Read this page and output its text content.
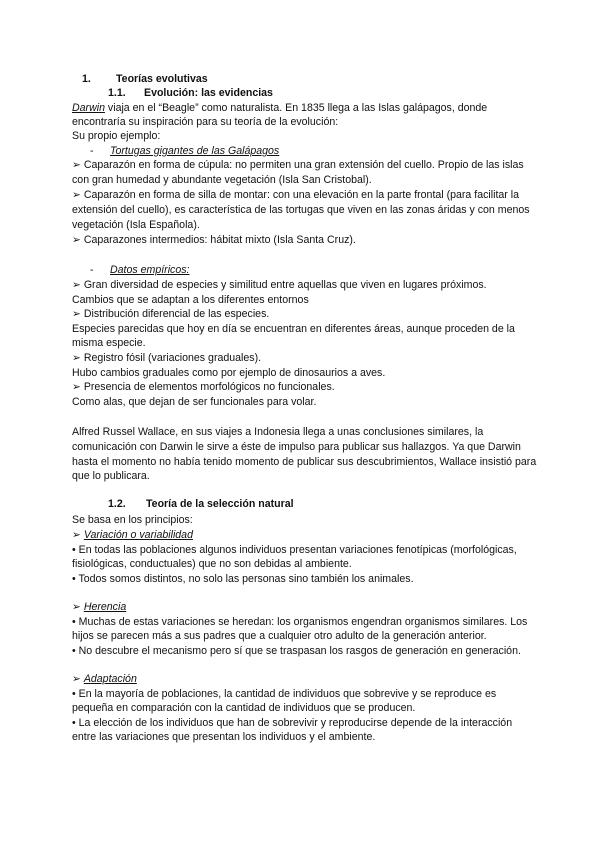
1. Teorías evolutivas
1.1. Evolución: las evidencias
Darwin viaja en el “Beagle” como naturalista. En 1835 llega a las Islas galápagos, donde
encontraría su inspiración para su teoría de la evolución:
Su propio ejemplo:
- Tortugas gigantes de las Galápagos
➢ Caparazón en forma de cúpula: no permiten una gran extensión del cuello. Propio de las islas
con gran humedad y abundante vegetación (Isla San Cristobal).
➢ Caparazón en forma de silla de montar: con una elevación en la parte frontal (para facilitar la
extensión del cuello), es característica de las tortugas que viven en las zonas áridas y con menos
vegetación (Isla Española).
➢ Caparazones intermedios: hábitat mixto (Isla Santa Cruz).
- Datos empíricos:
➢ Gran diversidad de especies y similitud entre aquellas que viven en lugares próximos.
Cambios que se adaptan a los diferentes entornos
➢ Distribución diferencial de las especies.
Especies parecidas que hoy en día se encuentran en diferentes áreas, aunque proceden de la
misma especie.
➢ Registro fósil (variaciones graduales).
Hubo cambios graduales como por ejemplo de dinosaurios a aves.
➢ Presencia de elementos morfológicos no funcionales.
Como alas, que dejan de ser funcionales para volar.
Alfred Russel Wallace, en sus viajes a Indonesia llega a unas conclusiones similares, la
comunicación con Darwin le sirve a éste de impulso para publicar sus hallazgos. Ya que Darwin
hasta el momento no había tenido momento de publicar sus descubrimientos, Wallace insistió para
que lo publicara.
1.2. Teoría de la selección natural
Se basa en los principios:
➢ Variación o variabilidad
• En todas las poblaciones algunos individuos presentan variaciones fenotípicas (morfológicas,
fisiológicas, conductuales) que no son debidas al ambiente.
• Todos somos distintos, no solo las personas sino también los animales.
➢ Herencia
• Muchas de estas variaciones se heredan: los organismos engendran organismos similares. Los
hijos se parecen más a sus padres que a cualquier otro adulto de la generación anterior.
• No descubre el mecanismo pero sí que se traspasan los rasgos de generación en generación.
➢ Adaptación
• En la mayoría de poblaciones, la cantidad de individuos que sobrevive y se reproduce es
pequeña en comparación con la cantidad de individuos que se producen.
• La elección de los individuos que han de sobrevivir y reproducirse depende de la interacción
entre las variaciones que presentan los individuos y el ambiente.
